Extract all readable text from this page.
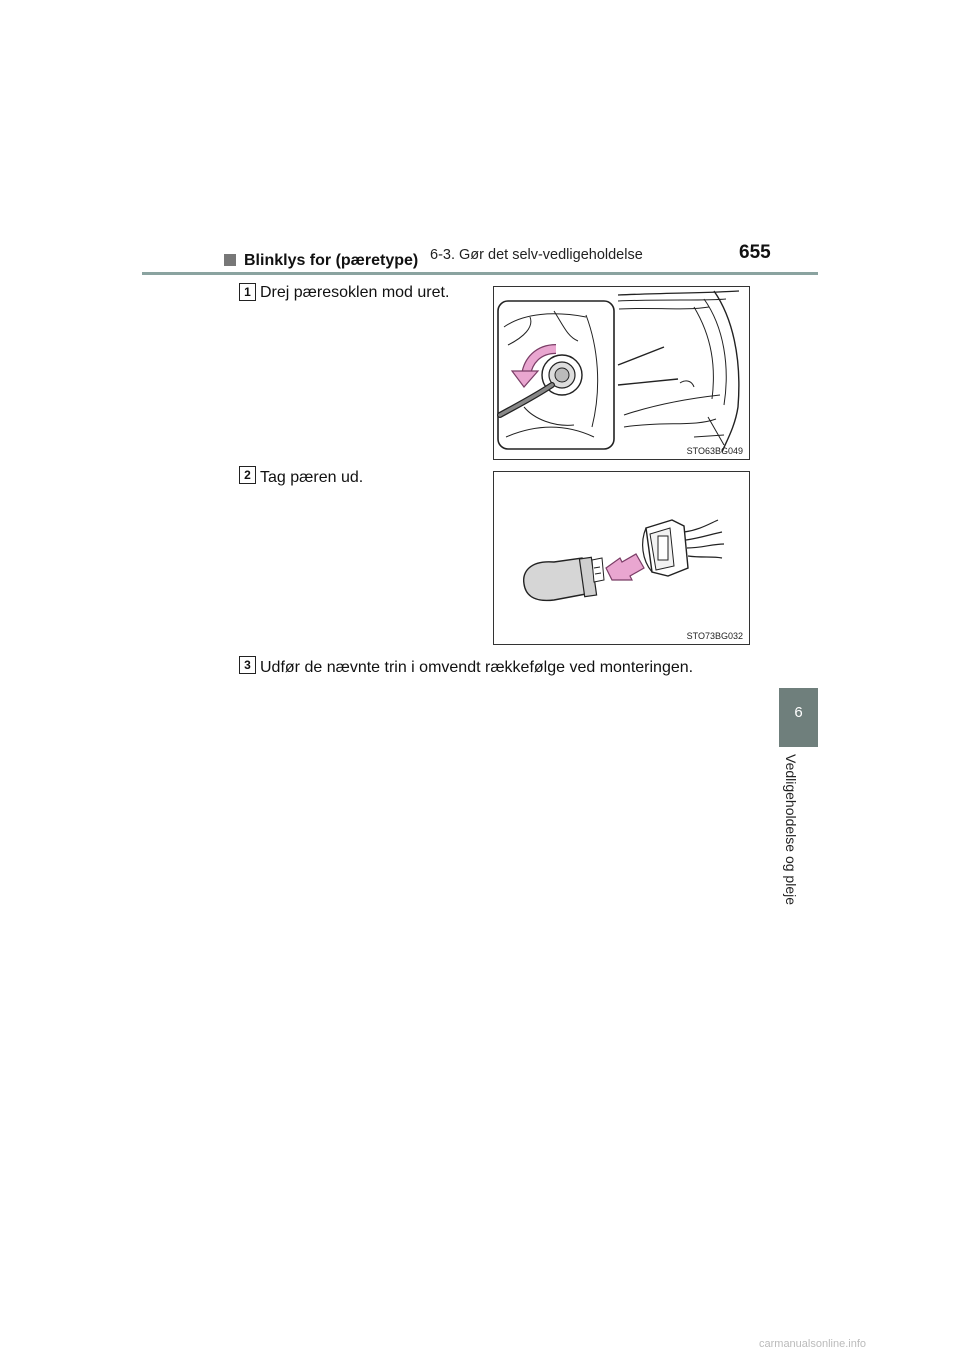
6-3. Gør det selv-vedligeholdelse	655
6
Vedligeholdelse og pleje
Blinklys for (pæretype)
1 Drej pæresoklen mod uret.
STO63BG049
2 Tag pæren ud.
STO73BG032
3 Udfør de nævnte trin i omvendt rækkefølge ved monteringen.
carmanualsonline.info
